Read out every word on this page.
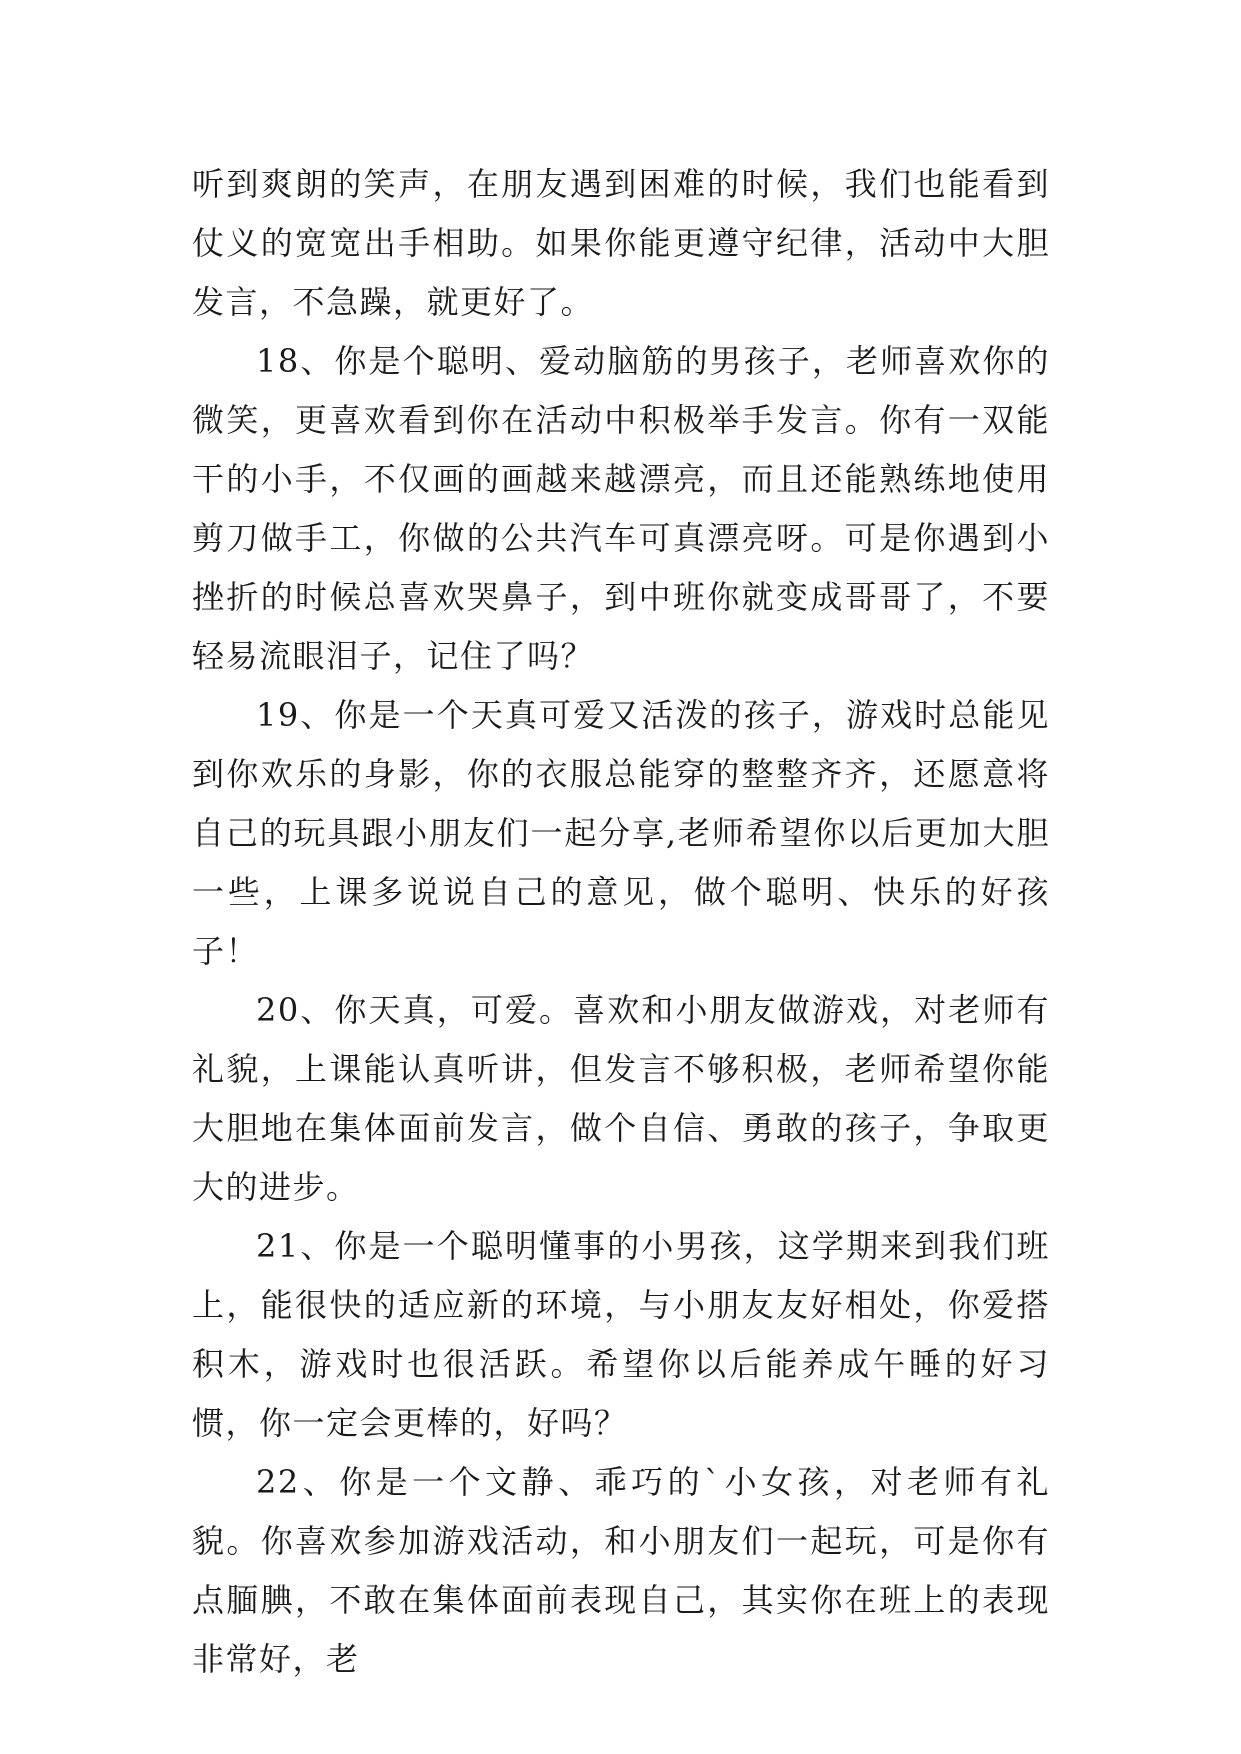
听到爽朗的笑声，在朋友遇到困难的时候，我们也能看到仗义的宽宽出手相助。如果你能更遵守纪律，活动中大胆发言，不急躁，就更好了。

18、你是个聪明、爱动脑筋的男孩子，老师喜欢你的微笑，更喜欢看到你在活动中积极举手发言。你有一双能干的小手，不仅画的画越来越漂亮，而且还能熟练地使用剪刀做手工，你做的公共汽车可真漂亮呀。可是你遇到小挫折的时候总喜欢哭鼻子，到中班你就变成哥哥了，不要轻易流眼泪子，记住了吗？

19、你是一个天真可爱又活泼的孩子，游戏时总能见到你欢乐的身影，你的衣服总能穿的整整齐齐，还愿意将自己的玩具跟小朋友们一起分享,老师希望你以后更加大胆一些，上课多说说自己的意见，做个聪明、快乐的好孩子！

20、你天真，可爱。喜欢和小朋友做游戏，对老师有礼貌，上课能认真听讲，但发言不够积极，老师希望你能大胆地在集体面前发言，做个自信、勇敢的孩子，争取更大的进步。

21、你是一个聪明懂事的小男孩，这学期来到我们班上，能很快的适应新的环境，与小朋友友好相处，你爱搭积木，游戏时也很活跃。希望你以后能养成午睡的好习惯，你一定会更棒的，好吗？

22、你是一个文静、乖巧的`小女孩，对老师有礼貌。你喜欢参加游戏活动，和小朋友们一起玩，可是你有点腼腆，不敢在集体面前表现自己，其实你在班上的表现非常好，老
